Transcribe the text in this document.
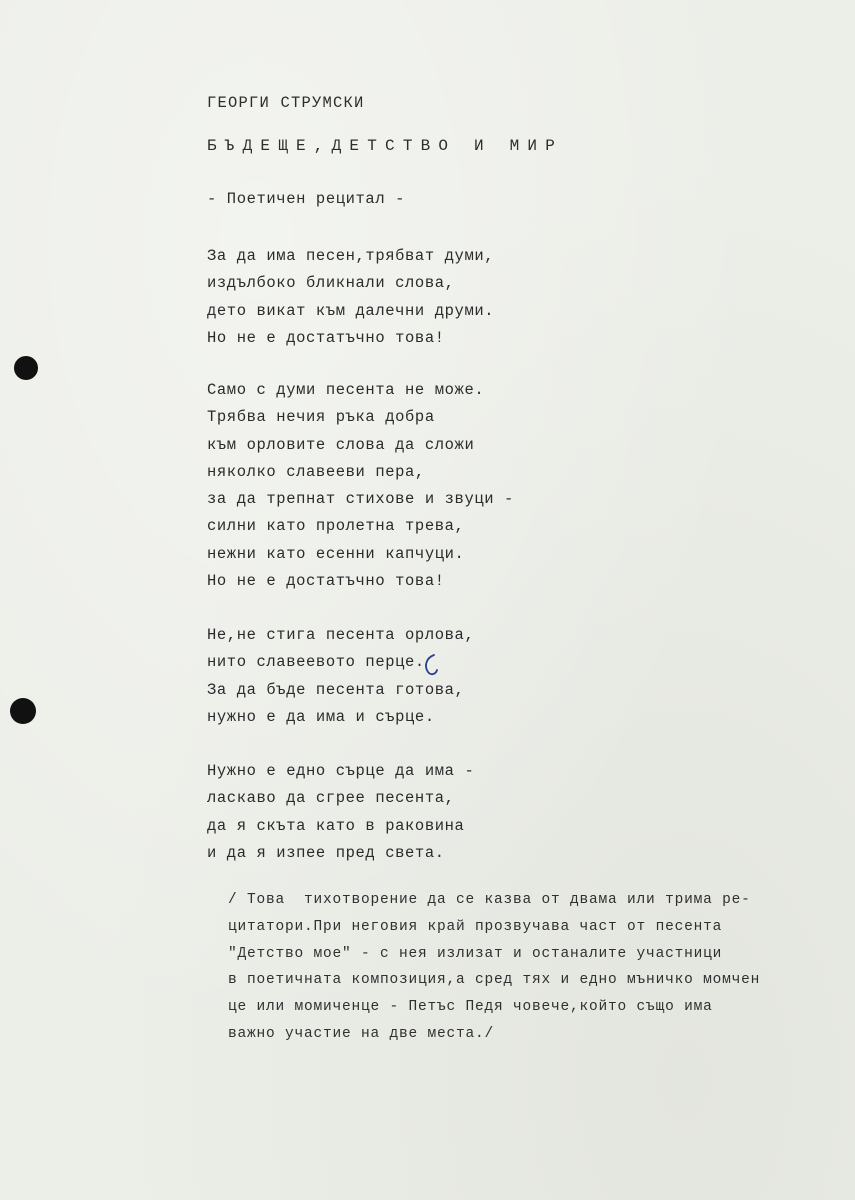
ГЕОРГИ СТРУМСКИ
БЪДЕЩЕ,ДЕТСТВО И МИР
- Поетичен рецитал -
За да има песен,трябват думи,
издълбоко бликнали слова,
дето викат към далечни друми.
Но не е достатъчно това!
Само с думи песента не може.
Трябва нечия ръка добра
към орловите слова да сложи
няколко славееви пера,
за да трепнат стихове и звуци -
силни като пролетна трева,
нежни като есенни капчуци.
Но не е достатъчно това!
Не,не стига песента орлова,
нито славеевото перце.
За да бъде песента готова,
нужно е да има и сърце.
Нужно е едно сърце да има -
ласкаво да сгрее песента,
да я скъта като в раковина
и да я изпее пред света.
/ Това  тихотворение да се казва от двама или трима ре-
цитатори.При неговия край прозвучава част от песента
"Детство мое" - с нея излизат и останалите участници
в поетичната композиция,а сред тях и едно мъничко момчен
це или момиченце - Петъс Педя човече,който също има
важно участие на две места./
